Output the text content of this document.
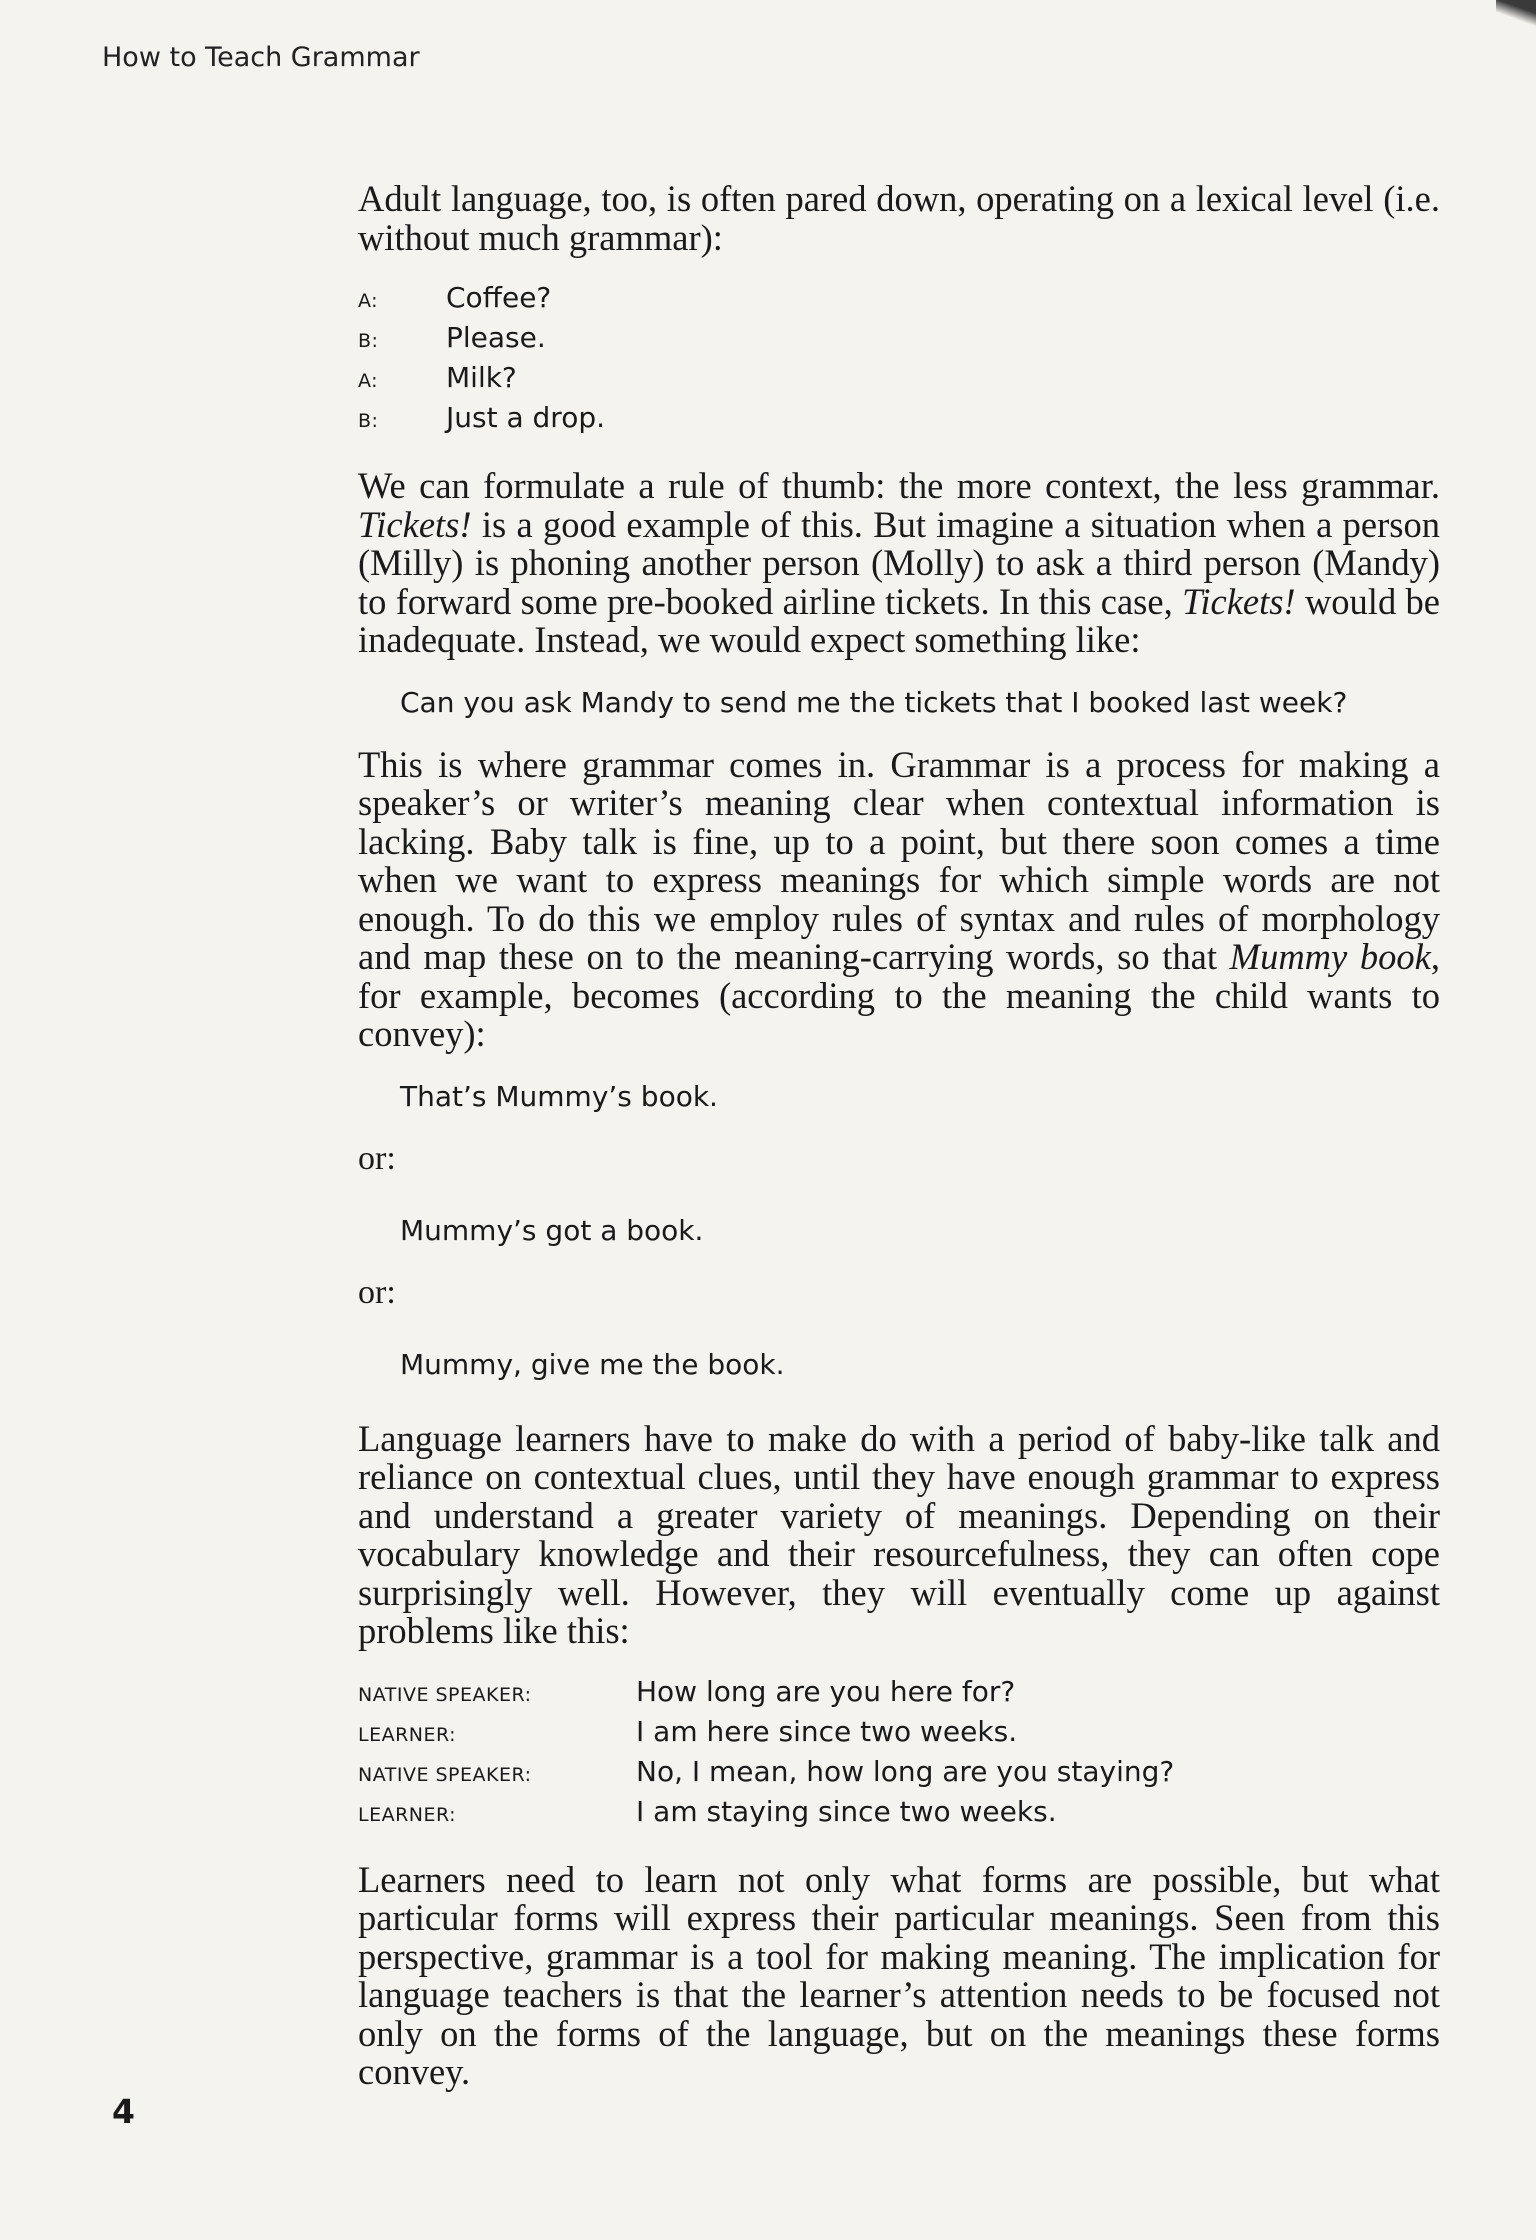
How to Teach Grammar

Adult language, too, is often pared down, operating on a lexical level (i.e. without much grammar):

A:	Coffee?
B:	Please.
A:	Milk?
B:	Just a drop.

We can formulate a rule of thumb: the more context, the less grammar. Tickets! is a good example of this. But imagine a situation when a person (Milly) is phoning another person (Molly) to ask a third person (Mandy) to forward some pre-booked airline tickets. In this case, Tickets! would be inadequate. Instead, we would expect something like:

Can you ask Mandy to send me the tickets that I booked last week?

This is where grammar comes in. Grammar is a process for making a speaker’s or writer’s meaning clear when contextual information is lacking. Baby talk is fine, up to a point, but there soon comes a time when we want to express meanings for which simple words are not enough. To do this we employ rules of syntax and rules of morphology and map these on to the meaning-carrying words, so that Mummy book, for example, becomes (according to the meaning the child wants to convey):

That’s Mummy’s book.
or:
Mummy’s got a book.
or:
Mummy, give me the book.

Language learners have to make do with a period of baby-like talk and reliance on contextual clues, until they have enough grammar to express and understand a greater variety of meanings. Depending on their vocabulary knowledge and their resourcefulness, they can often cope surprisingly well. However, they will eventually come up against problems like this:

NATIVE SPEAKER:	How long are you here for?
LEARNER:	I am here since two weeks.
NATIVE SPEAKER:	No, I mean, how long are you staying?
LEARNER:	I am staying since two weeks.

Learners need to learn not only what forms are possible, but what particular forms will express their particular meanings. Seen from this perspective, grammar is a tool for making meaning. The implication for language teachers is that the learner’s attention needs to be focused not only on the forms of the language, but on the meanings these forms convey.

4
